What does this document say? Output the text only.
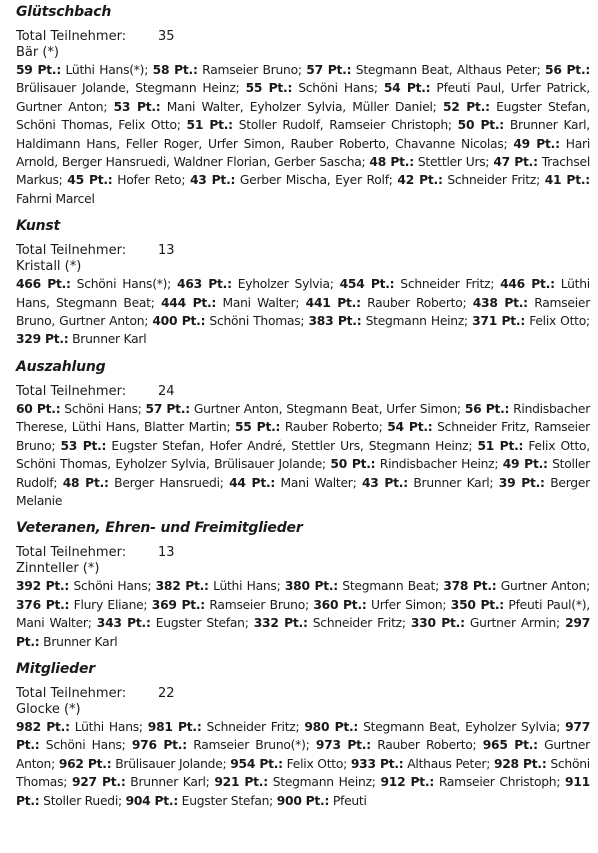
Glütschbach
Total Teilnehmer: 35
Bär (*)
59 Pt.: Lüthi Hans(*); 58 Pt.: Ramseier Bruno; 57 Pt.: Stegmann Beat, Althaus Peter; 56 Pt.: Brülisauer Jolande, Stegmann Heinz; 55 Pt.: Schöni Hans; 54 Pt.: Pfeuti Paul, Urfer Patrick, Gurtner Anton; 53 Pt.: Mani Walter, Eyholzer Sylvia, Müller Daniel; 52 Pt.: Eugster Stefan, Schöni Thomas, Felix Otto; 51 Pt.: Stoller Rudolf, Ramseier Christoph; 50 Pt.: Brunner Karl, Haldimann Hans, Feller Roger, Urfer Simon, Rauber Roberto, Chavanne Nicolas; 49 Pt.: Hari Arnold, Berger Hansruedi, Waldner Florian, Gerber Sascha; 48 Pt.: Stettler Urs; 47 Pt.: Trachsel Markus; 45 Pt.: Hofer Reto; 43 Pt.: Gerber Mischa, Eyer Rolf; 42 Pt.: Schneider Fritz; 41 Pt.: Fahrni Marcel
Kunst
Total Teilnehmer: 13
Kristall (*)
466 Pt.: Schöni Hans(*); 463 Pt.: Eyholzer Sylvia; 454 Pt.: Schneider Fritz; 446 Pt.: Lüthi Hans, Stegmann Beat; 444 Pt.: Mani Walter; 441 Pt.: Rauber Roberto; 438 Pt.: Ramseier Bruno, Gurtner Anton; 400 Pt.: Schöni Thomas; 383 Pt.: Stegmann Heinz; 371 Pt.: Felix Otto; 329 Pt.: Brunner Karl
Auszahlung
Total Teilnehmer: 24
60 Pt.: Schöni Hans; 57 Pt.: Gurtner Anton, Stegmann Beat, Urfer Simon; 56 Pt.: Rindisbacher Therese, Lüthi Hans, Blatter Martin; 55 Pt.: Rauber Roberto; 54 Pt.: Schneider Fritz, Ramseier Bruno; 53 Pt.: Eugster Stefan, Hofer André, Stettler Urs, Stegmann Heinz; 51 Pt.: Felix Otto, Schöni Thomas, Eyholzer Sylvia, Brülisauer Jolande; 50 Pt.: Rindisbacher Heinz; 49 Pt.: Stoller Rudolf; 48 Pt.: Berger Hansruedi; 44 Pt.: Mani Walter; 43 Pt.: Brunner Karl; 39 Pt.: Berger Melanie
Veteranen, Ehren- und Freimitglieder
Total Teilnehmer: 13
Zinnteller (*)
392 Pt.: Schöni Hans; 382 Pt.: Lüthi Hans; 380 Pt.: Stegmann Beat; 378 Pt.: Gurtner Anton; 376 Pt.: Flury Eliane; 369 Pt.: Ramseier Bruno; 360 Pt.: Urfer Simon; 350 Pt.: Pfeuti Paul(*), Mani Walter; 343 Pt.: Eugster Stefan; 332 Pt.: Schneider Fritz; 330 Pt.: Gurtner Armin; 297 Pt.: Brunner Karl
Mitglieder
Total Teilnehmer: 22
Glocke (*)
982 Pt.: Lüthi Hans; 981 Pt.: Schneider Fritz; 980 Pt.: Stegmann Beat, Eyholzer Sylvia; 977 Pt.: Schöni Hans; 976 Pt.: Ramseier Bruno(*); 973 Pt.: Rauber Roberto; 965 Pt.: Gurtner Anton; 962 Pt.: Brülisauer Jolande; 954 Pt.: Felix Otto; 933 Pt.: Althaus Peter; 928 Pt.: Schöni Thomas; 927 Pt.: Brunner Karl; 921 Pt.: Stegmann Heinz; 912 Pt.: Ramseier Christoph; 911 Pt.: Stoller Ruedi; 904 Pt.: Eugster Stefan; 900 Pt.: Pfeuti
